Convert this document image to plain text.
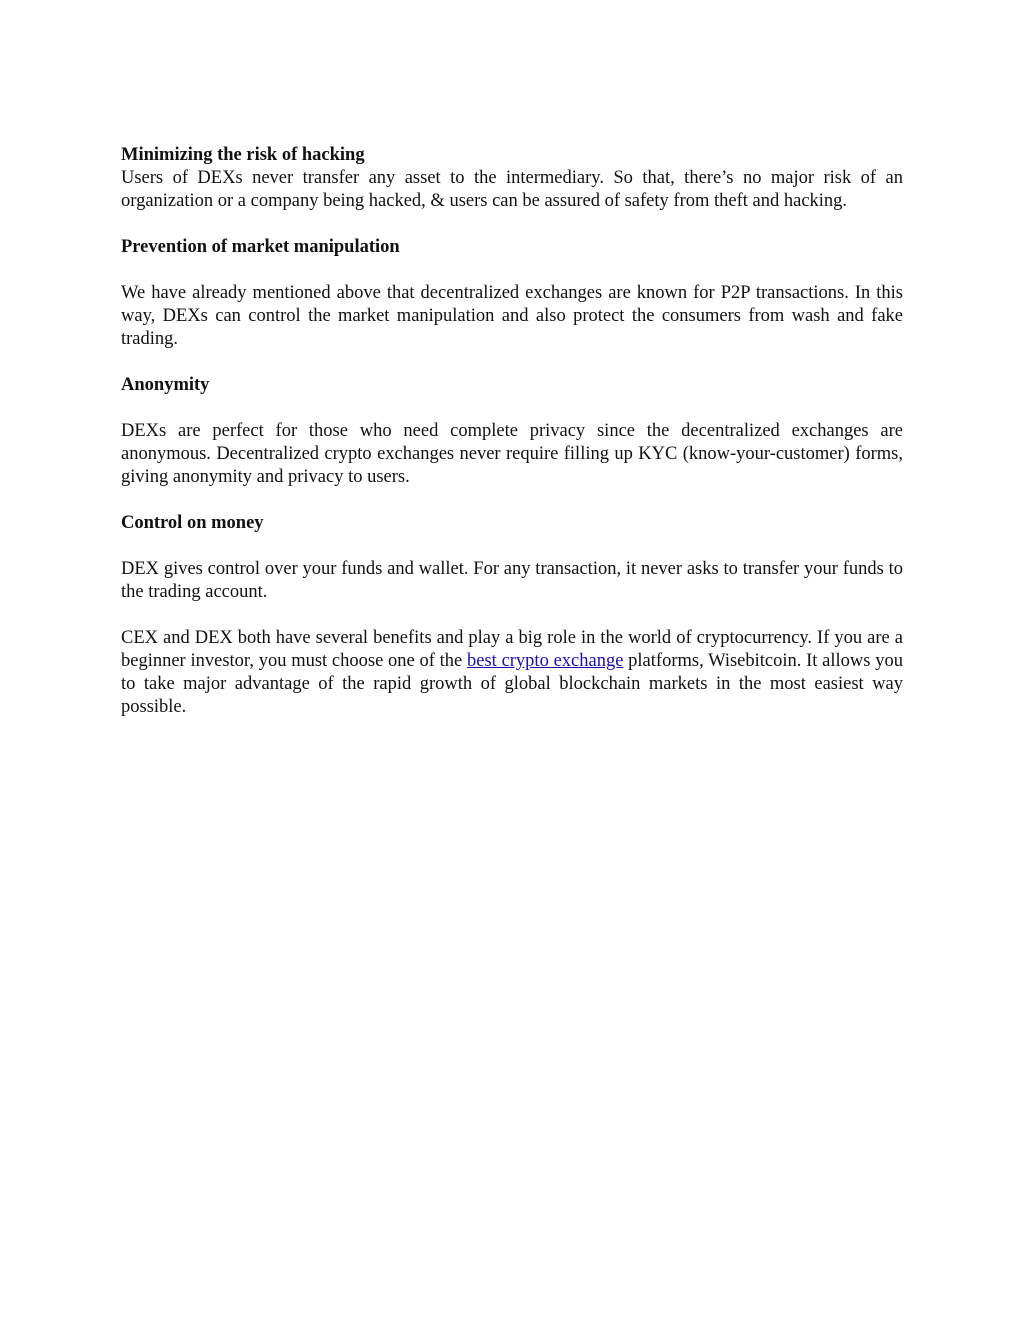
Minimizing the risk of hacking

Users of DEXs never transfer any asset to the intermediary. So that, there’s no major risk of an organization or a company being hacked, & users can be assured of safety from theft and hacking.

Prevention of market manipulation

We have already mentioned above that decentralized exchanges are known for P2P transactions. In this way, DEXs can control the market manipulation and also protect the consumers from wash and fake trading.

Anonymity

DEXs are perfect for those who need complete privacy since the decentralized exchanges are anonymous. Decentralized crypto exchanges never require filling up KYC (know-your-customer) forms, giving anonymity and privacy to users.

Control on money

DEX gives control over your funds and wallet. For any transaction, it never asks to transfer your funds to the trading account.

CEX and DEX both have several benefits and play a big role in the world of cryptocurrency. If you are a beginner investor, you must choose one of the best crypto exchange platforms, Wisebitcoin. It allows you to take major advantage of the rapid growth of global blockchain markets in the most easiest way possible.
